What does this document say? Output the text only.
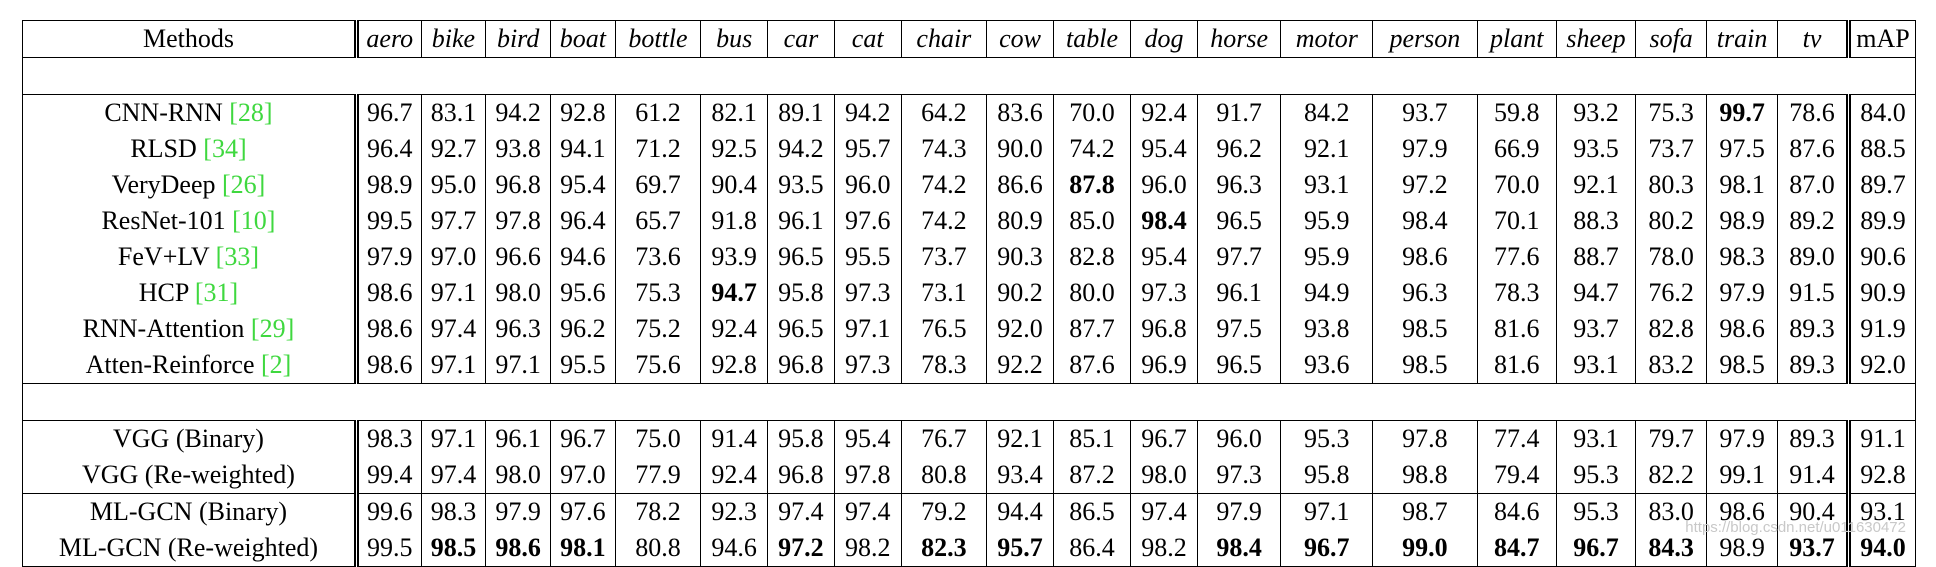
Methods	aero	bike	bird	boat	bottle	bus	car	cat	chair	cow	table	dog	horse	motor	person	plant	sheep	sofa	train	tv	mAP

CNN-RNN [28]	96.7	83.1	94.2	92.8	61.2	82.1	89.1	94.2	64.2	83.6	70.0	92.4	91.7	84.2	93.7	59.8	93.2	75.3	99.7	78.6	84.0
RLSD [34]	96.4	92.7	93.8	94.1	71.2	92.5	94.2	95.7	74.3	90.0	74.2	95.4	96.2	92.1	97.9	66.9	93.5	73.7	97.5	87.6	88.5
VeryDeep [26]	98.9	95.0	96.8	95.4	69.7	90.4	93.5	96.0	74.2	86.6	87.8	96.0	96.3	93.1	97.2	70.0	92.1	80.3	98.1	87.0	89.7
ResNet-101 [10]	99.5	97.7	97.8	96.4	65.7	91.8	96.1	97.6	74.2	80.9	85.0	98.4	96.5	95.9	98.4	70.1	88.3	80.2	98.9	89.2	89.9
FeV+LV [33]	97.9	97.0	96.6	94.6	73.6	93.9	96.5	95.5	73.7	90.3	82.8	95.4	97.7	95.9	98.6	77.6	88.7	78.0	98.3	89.0	90.6
HCP [31]	98.6	97.1	98.0	95.6	75.3	94.7	95.8	97.3	73.1	90.2	80.0	97.3	96.1	94.9	96.3	78.3	94.7	76.2	97.9	91.5	90.9
RNN-Attention [29]	98.6	97.4	96.3	96.2	75.2	92.4	96.5	97.1	76.5	92.0	87.7	96.8	97.5	93.8	98.5	81.6	93.7	82.8	98.6	89.3	91.9
Atten-Reinforce [2]	98.6	97.1	97.1	95.5	75.6	92.8	96.8	97.3	78.3	92.2	87.6	96.9	96.5	93.6	98.5	81.6	93.1	83.2	98.5	89.3	92.0

VGG (Binary)	98.3	97.1	96.1	96.7	75.0	91.4	95.8	95.4	76.7	92.1	85.1	96.7	96.0	95.3	97.8	77.4	93.1	79.7	97.9	89.3	91.1
VGG (Re-weighted)	99.4	97.4	98.0	97.0	77.9	92.4	96.8	97.8	80.8	93.4	87.2	98.0	97.3	95.8	98.8	79.4	95.3	82.2	99.1	91.4	92.8
ML-GCN (Binary)	99.6	98.3	97.9	97.6	78.2	92.3	97.4	97.4	79.2	94.4	86.5	97.4	97.9	97.1	98.7	84.6	95.3	83.0	98.6	90.4	93.1
ML-GCN (Re-weighted)	99.5	98.5	98.6	98.1	80.8	94.6	97.2	98.2	82.3	95.7	86.4	98.2	98.4	96.7	99.0	84.7	96.7	84.3	98.9	93.7	94.0
https://blog.csdn.net/u011630472
